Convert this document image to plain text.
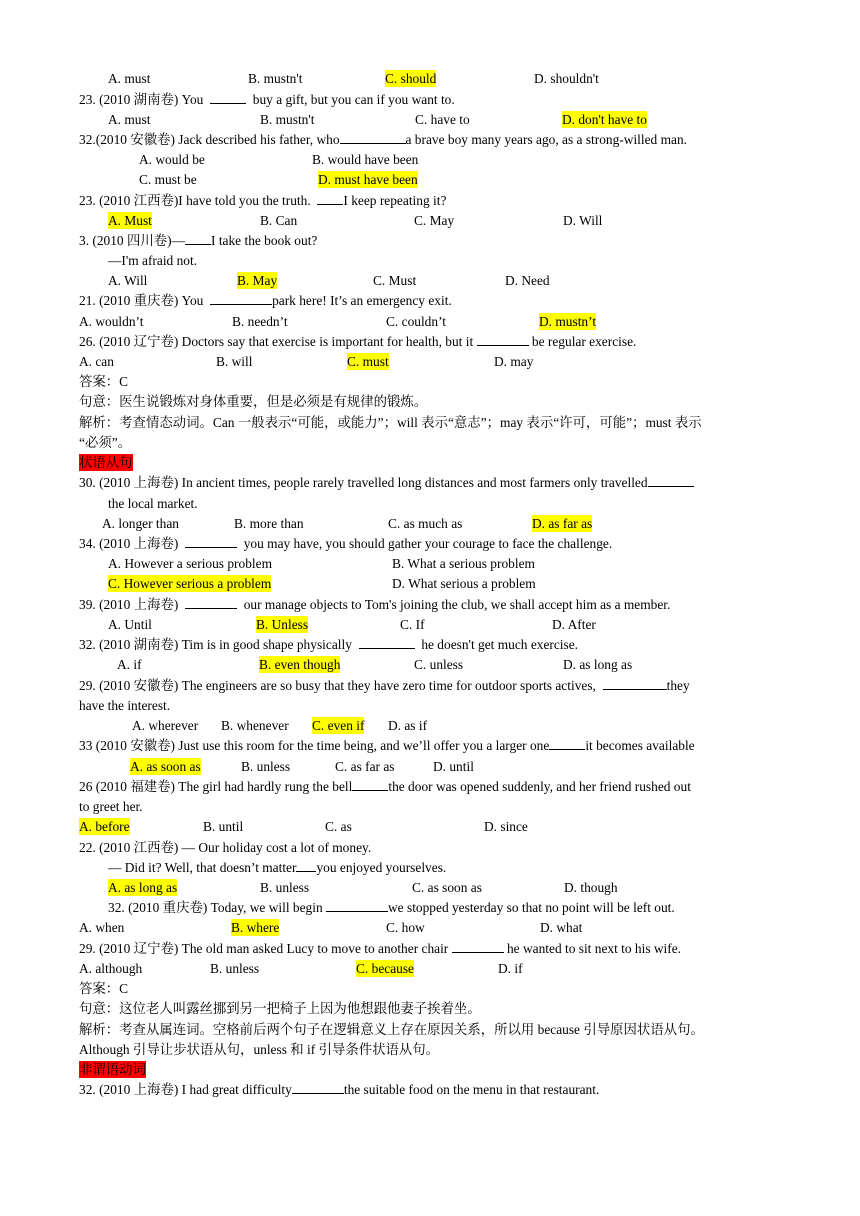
A. must	B. mustn't	C. should	D. shouldn't
23. (2010 湖南卷) You	buy a gift, but you can if you want to.
A. must	B. mustn't	C. have to	D. don't have to
32.(2010 安徽卷) Jack described his father, who	a brave boy many years ago, as a strong-willed man.
A. would be	B. would have been
C. must be	D. must have been
23. (2010 江西卷)I have told you the truth. I keep repeating it?
A. Must	B. Can	C. May	D. Will
3. (2010 四川卷)— I take the book out?
—I'm afraid not.
A. Will	B. May	C. Must	D. Need
21. (2010 重庆卷) You	park here! It’s an emergency exit.
A. wouldn’t	B. needn’t	C. couldn’t	D. mustn’t
26. (2010 辽宁卷) Doctors say that exercise is important for health, but it	be regular exercise.
A. can	B. will	C. must	D. may
答案：C
句意：医生说锻炼对身体重要，但是必须是有规律的锻炼。
解析：考查情态动词。Can 一般表示“可能，或能力”；will 表示“意志”；may 表示“许可，可能”；must 表示
“必须”。
状语从句
30. (2010 上海卷) In ancient times, people rarely travelled long distances and most farmers only travelled
the local market.
A. longer than	B. more than	C. as much as	D. as far as
34. (2010 上海卷)	you may have, you should gather your courage to face the challenge.
A. However a serious problem	B. What a serious problem
C. However serious a problem	D. What serious a problem
39. (2010 上海卷)	our manage objects to Tom's joining the club, we shall accept him as a member.
A. Until	B. Unless	C. If	D. After
32. (2010 湖南卷) Tim is in good shape physically	he doesn't get much exercise.
A. if	B. even though	C. unless	D. as long as
29. (2010 安徽卷) The engineers are so busy that they have zero time for outdoor sports actives,	they
have the interest.
A. wherever B. whenever C. even if D. as if
33 (2010 安徽卷) Just use this room for the time being, and we’ll offer you a larger one	it becomes available
A. as soon as	B. unless	C. as far as	D. until
26 (2010 福建卷) The girl had hardly rung the bell	the door was opened suddenly, and her friend rushed out
to greet her.
A. before	B. until	C. as	D. since
22. (2010 江西卷) — Our holiday cost a lot of money.
— Did it? Well, that doesn’t matter you enjoyed yourselves.
A. as long as	B. unless	C. as soon as	D. though
32. (2010 重庆卷) Today, we will begin	we stopped yesterday so that no point will be left out.
A. when	B. where	C. how	D. what
29. (2010 辽宁卷) The old man asked Lucy to move to another chair	he wanted to sit next to his wife.
A. although	B. unless	C. because	D. if
答案：C
句意：这位老人叫露丝挪到另一把椅子上因为他想跟他妻子挨着坐。
解析：考查从属连词。空格前后两个句子在逻辑意义上存在原因关系，所以用 because 引导原因状语从句。
Although 引导让步状语从句，unless 和 if 引导条件状语从句。
非谓语动词
32. (2010 上海卷) I had great difficulty	the suitable food on the menu in that restaurant.
